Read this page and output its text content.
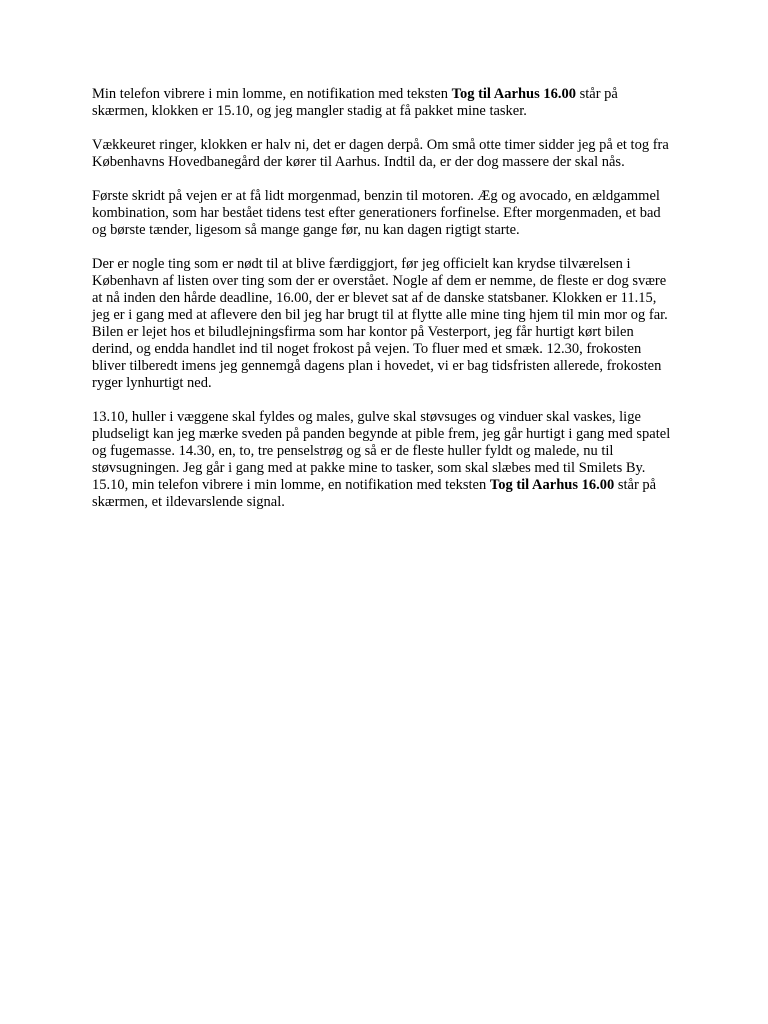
Min telefon vibrere i min lomme, en notifikation med teksten Tog til Aarhus 16.00 står på skærmen, klokken er 15.10, og jeg mangler stadig at få pakket mine tasker.

Vækkeuret ringer, klokken er halv ni, det er dagen derpå. Om små otte timer sidder jeg på et tog fra Københavns Hovedbanegård der kører til Aarhus. Indtil da, er der dog massere der skal nås.

Første skridt på vejen er at få lidt morgenmad, benzin til motoren. Æg og avocado, en ældgammel kombination, som har bestået tidens test efter generationers forfinelse. Efter morgenmaden, et bad og børste tænder, ligesom så mange gange før, nu kan dagen rigtigt starte.

Der er nogle ting som er nødt til at blive færdiggjort, før jeg officielt kan krydse tilværelsen i København af listen over ting som der er overstået. Nogle af dem er nemme, de fleste er dog svære at nå inden den hårde deadline, 16.00, der er blevet sat af de danske statsbaner. Klokken er 11.15, jeg er i gang med at aflevere den bil jeg har brugt til at flytte alle mine ting hjem til min mor og far. Bilen er lejet hos et biludlejningsfirma som har kontor på Vesterport, jeg får hurtigt kørt bilen derind, og endda handlet ind til noget frokost på vejen. To fluer med et smæk. 12.30, frokosten bliver tilberedt imens jeg gennemgå dagens plan i hovedet, vi er bag tidsfristen allerede, frokosten ryger lynhurtigt ned.

13.10, huller i væggene skal fyldes og males, gulve skal støvsuges og vinduer skal vaskes, lige pludseligt kan jeg mærke sveden på panden begynde at pible frem, jeg går hurtigt i gang med spatel og fugemasse. 14.30, en, to, tre penselstrøg og så er de fleste huller fyldt og malede, nu til støvsugningen. Jeg går i gang med at pakke mine to tasker, som skal slæbes med til Smilets By. 15.10, min telefon vibrere i min lomme, en notifikation med teksten Tog til Aarhus 16.00 står på skærmen, et ildevarslende signal.
